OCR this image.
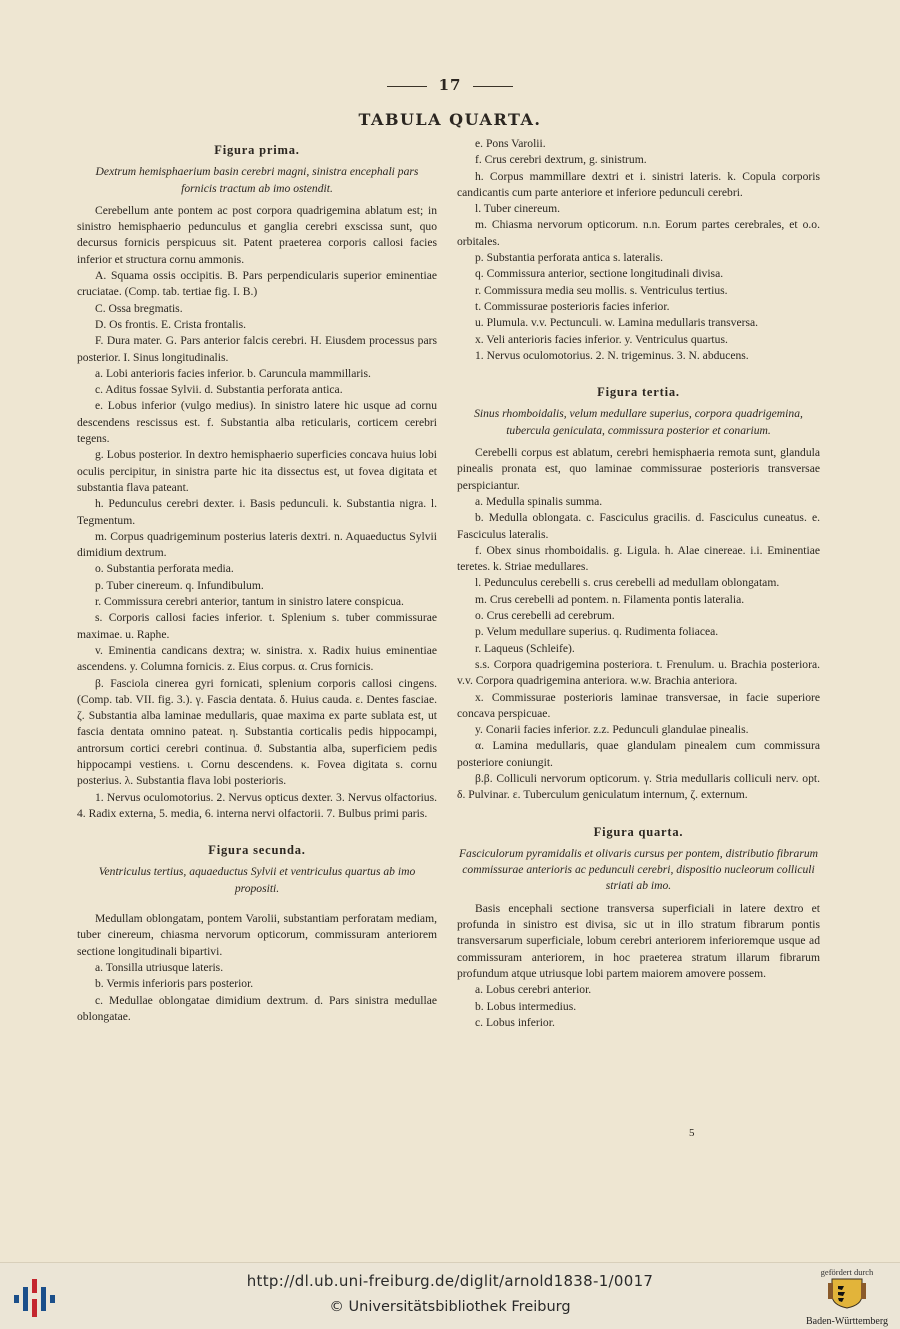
17
TABULA QUARTA.
Figura prima.

Dextrum hemisphaerium basin cerebri magni, sinistra encephali pars fornicis tractum ab imo ostendit.

Cerebellum ante pontem ac post corpora quadrigemina ablatum est; in sinistro hemisphaerio pedunculus et ganglia cerebri exscissa sunt, quo decursus fornicis perspicuus sit. Patent praeterea corporis callosi facies inferior et structura cornu ammonis.

A. Squama ossis occipitis. B. Pars perpendicularis superior eminentiae cruciatae. (Comp. tab. tertiae fig. I. B.)

C. Ossa bregmatis.

D. Os frontis. E. Crista frontalis.

F. Dura mater. G. Pars anterior falcis cerebri. H. Eiusdem processus pars posterior. I. Sinus longitudinalis.

a. Lobi anterioris facies inferior. b. Caruncula mammillaris.

c. Aditus fossae Sylvii. d. Substantia perforata antica.

e. Lobus inferior (vulgo medius). In sinistro latere hic usque ad cornu descendens rescissus est. f. Substantia alba reticularis, corticem cerebri tegens.

g. Lobus posterior. In dextro hemisphaerio superficies concava huius lobi oculis percipitur, in sinistra parte hic ita dissectus est, ut fovea digitata et substantia flava pateant.

h. Pedunculus cerebri dexter. i. Basis pedunculi. k. Substantia nigra. l. Tegmentum.

m. Corpus quadrigeminum posterius lateris dextri. n. Aquaeductus Sylvii dimidium dextrum.

o. Substantia perforata media.

p. Tuber cinereum. q. Infundibulum.

r. Commissura cerebri anterior, tantum in sinistro latere conspicua.

s. Corporis callosi facies inferior. t. Splenium s. tuber commissurae maximae. u. Raphe.

v. Eminentia candicans dextra; w. sinistra. x. Radix huius eminentiae ascendens. y. Columna fornicis. z. Eius corpus. α. Crus fornicis.

β. Fasciola cinerea gyri fornicati, splenium corporis callosi cingens. (Comp. tab. VII. fig. 3.). γ. Fascia dentata. δ. Huius cauda. ε. Dentes fasciae. ζ. Substantia alba laminae medullaris, quae maxima ex parte sublata est, ut fascia dentata omnino pateat. η. Substantia corticalis pedis hippocampi, antrorsum cortici cerebri continua. ϑ. Substantia alba, superficiem pedis hippocampi vestiens. ι. Cornu descendens. κ. Fovea digitata s. cornu posterius. λ. Substantia flava lobi posterioris.

1. Nervus oculomotorius. 2. Nervus opticus dexter. 3. Nervus olfactorius. 4. Radix externa, 5. media, 6. interna nervi olfactorii. 7. Bulbus primi paris.

Figura secunda.

Ventriculus tertius, aquaeductus Sylvii et ventriculus quartus ab imo propositi.

Medullam oblongatam, pontem Varolii, substantiam perforatam mediam, tuber cinereum, chiasma nervorum opticorum, commissuram anteriorem sectione longitudinali bipartivi.

a. Tonsilla utriusque lateris.

b. Vermis inferioris pars posterior.

c. Medullae oblongatae dimidium dextrum. d. Pars sinistra medullae oblongatae.

e. Pons Varolii.

f. Crus cerebri dextrum, g. sinistrum.

h. Corpus mammillare dextri et i. sinistri lateris. k. Copula corporis candicantis cum parte anteriore et inferiore pedunculi cerebri.

l. Tuber cinereum.

m. Chiasma nervorum opticorum. n.n. Eorum partes cerebrales, et o.o. orbitales.

p. Substantia perforata antica s. lateralis.

q. Commissura anterior, sectione longitudinali divisa.

r. Commissura media seu mollis. s. Ventriculus tertius.

t. Commissurae posterioris facies inferior.

u. Plumula. v.v. Pectunculi. w. Lamina medullaris transversa.

x. Veli anterioris facies inferior. y. Ventriculus quartus.

1. Nervus oculomotorius. 2. N. trigeminus. 3. N. abducens.

Figura tertia.

Sinus rhomboidalis, velum medullare superius, corpora quadrigemina, tubercula geniculata, commissura posterior et conarium.

Cerebelli corpus est ablatum, cerebri hemisphaeria remota sunt, glandula pinealis pronata est, quo laminae commissurae posterioris transversae perspiciantur.

a. Medulla spinalis summa.

b. Medulla oblongata. c. Fasciculus gracilis. d. Fasciculus cuneatus. e. Fasciculus lateralis.

f. Obex sinus rhomboidalis. g. Ligula. h. Alae cinereae. i.i. Eminentiae teretes. k. Striae medullares.

l. Pedunculus cerebelli s. crus cerebelli ad medullam oblongatam.

m. Crus cerebelli ad pontem. n. Filamenta pontis lateralia.

o. Crus cerebelli ad cerebrum.

p. Velum medullare superius. q. Rudimenta foliacea.

r. Laqueus (Schleife).

s.s. Corpora quadrigemina posteriora. t. Frenulum. u. Brachia posteriora. v.v. Corpora quadrigemina anteriora. w.w. Brachia anteriora.

x. Commissurae posterioris laminae transversae, in facie superiore concava perspicuae.

y. Conarii facies inferior. z.z. Pedunculi glandulae pinealis.

α. Lamina medullaris, quae glandulam pinealem cum commissura posteriore coniungit.

β.β. Colliculi nervorum opticorum. γ. Stria medullaris colliculi nerv. opt. δ. Pulvinar. ε. Tuberculum geniculatum internum, ζ. externum.

Figura quarta.

Fasciculorum pyramidalis et olivaris cursus per pontem, distributio fibrarum commissurae anterioris ac pedunculi cerebri, dispositio nucleorum colliculi striati ab imo.

Basis encephali sectione transversa superficiali in latere dextro et profunda in sinistro est divisa, sic ut in illo stratum fibrarum pontis transversarum superficiale, lobum cerebri anteriorem inferioremque usque ad commissuram anteriorem, in hoc praeterea stratum illarum fibrarum profundum atque utriusque lobi partem maiorem amovere possem.

a. Lobus cerebri anterior.

b. Lobus intermedius.

c. Lobus inferior.

5
http://dl.ub.uni-freiburg.de/diglit/arnold1838-1/0017
© Universitätsbibliothek Freiburg
gefördert durch
Baden-Württemberg
